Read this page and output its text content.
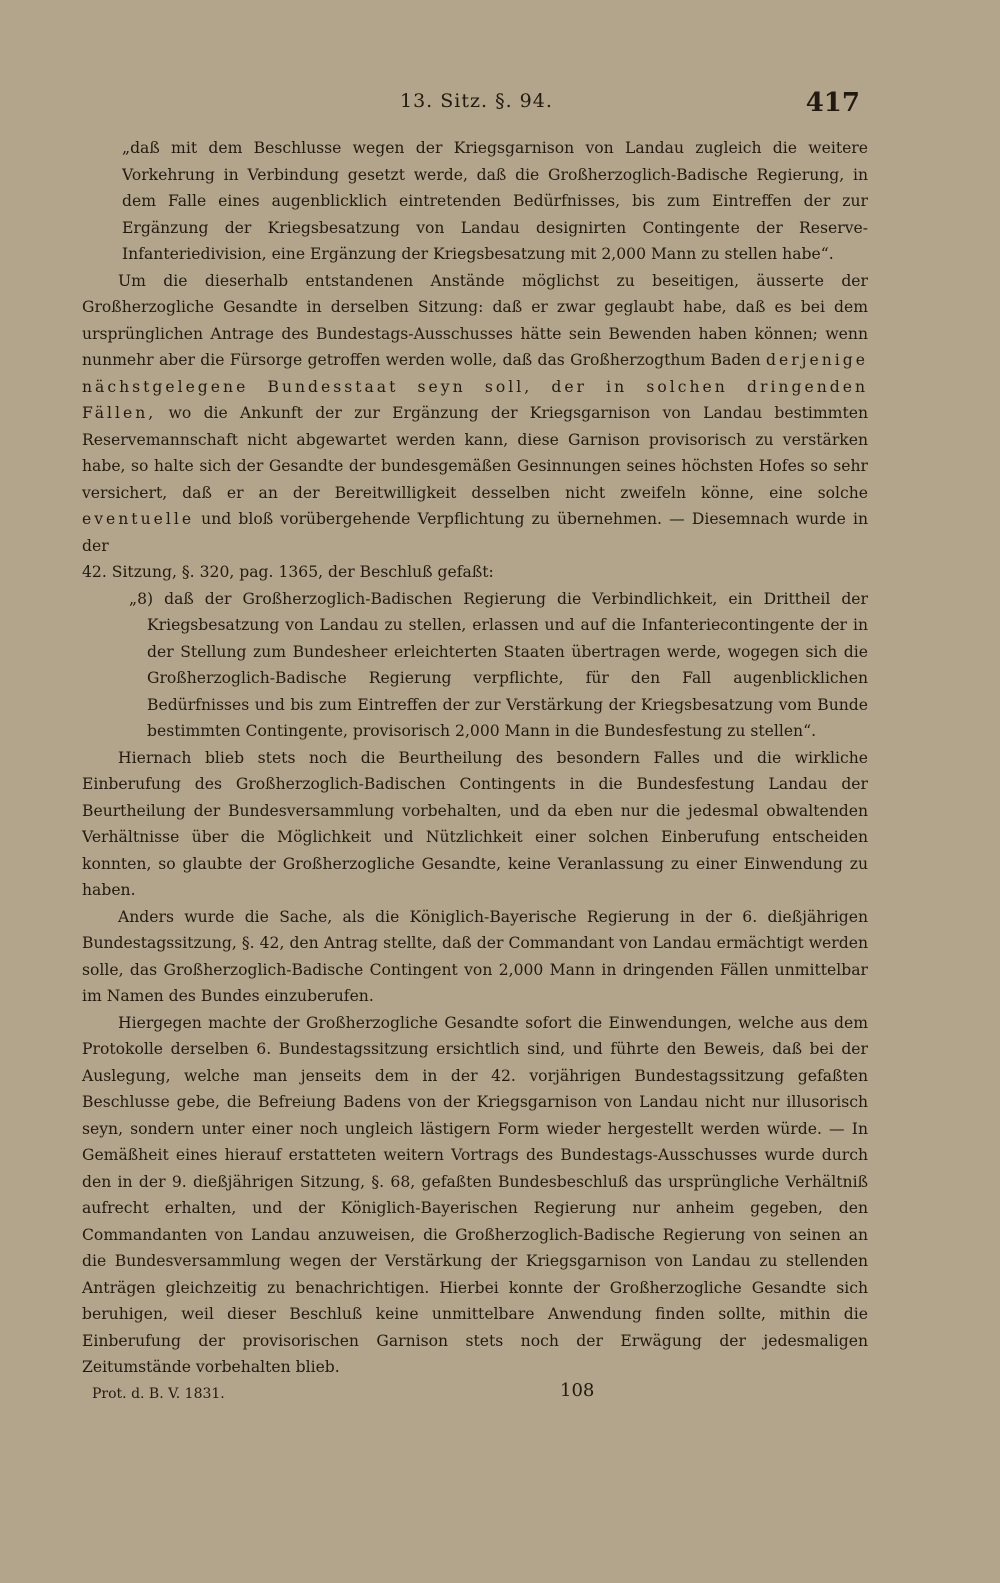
13. Sitz. §. 94.	417

„daß mit dem Beschlusse wegen der Kriegsgarnison von Landau zugleich die weitere Vorkehrung in Verbindung gesetzt werde, daß die Großherzoglich-Badische Regierung, in dem Falle eines augenblicklich eintretenden Bedürfnisses, bis zum Eintreffen der zur Ergänzung der Kriegsbesatzung von Landau designirten Contingente der Reserve-Infanteriedivision, eine Ergänzung der Kriegsbesatzung mit 2,000 Mann zu stellen habe“.

Um die dieserhalb entstandenen Anstände möglichst zu beseitigen, äusserte der Großherzogliche Gesandte in derselben Sitzung: daß er zwar geglaubt habe, daß es bei dem ursprünglichen Antrage des Bundestags-Ausschusses hätte sein Bewenden haben können; wenn nunmehr aber die Fürsorge getroffen werden wolle, daß das Großherzogthum Baden derjenige nächstgelegene Bundesstaat seyn soll, der in solchen dringenden Fällen, wo die Ankunft der zur Ergänzung der Kriegsgarnison von Landau bestimmten Reservemannschaft nicht abgewartet werden kann, diese Garnison provisorisch zu verstärken habe, so halte sich der Gesandte der bundesgemäßen Gesinnungen seines höchsten Hofes so sehr versichert, daß er an der Bereitwilligkeit desselben nicht zweifeln könne, eine solche eventuelle und bloß vorübergehende Verpflichtung zu übernehmen. — Diesemnach wurde in der

42. Sitzung, §. 320, pag. 1365, der Beschluß gefaßt:

„8) daß der Großherzoglich-Badischen Regierung die Verbindlichkeit, ein Drittheil der Kriegsbesatzung von Landau zu stellen, erlassen und auf die Infanteriecontingente der in der Stellung zum Bundesheer erleichterten Staaten übertragen werde, wogegen sich die Großherzoglich-Badische Regierung verpflichte, für den Fall augenblicklichen Bedürfnisses und bis zum Eintreffen der zur Verstärkung der Kriegsbesatzung vom Bunde bestimmten Contingente, provisorisch 2,000 Mann in die Bundesfestung zu stellen“.

Hiernach blieb stets noch die Beurtheilung des besondern Falles und die wirkliche Einberufung des Großherzoglich-Badischen Contingents in die Bundesfestung Landau der Beurtheilung der Bundesversammlung vorbehalten, und da eben nur die jedesmal obwaltenden Verhältnisse über die Möglichkeit und Nützlichkeit einer solchen Einberufung entscheiden konnten, so glaubte der Großherzogliche Gesandte, keine Veranlassung zu einer Einwendung zu haben.

Anders wurde die Sache, als die Königlich-Bayerische Regierung in der 6. dießjährigen Bundestagssitzung, §. 42, den Antrag stellte, daß der Commandant von Landau ermächtigt werden solle, das Großherzoglich-Badische Contingent von 2,000 Mann in dringenden Fällen unmittelbar im Namen des Bundes einzuberufen.

Hiergegen machte der Großherzogliche Gesandte sofort die Einwendungen, welche aus dem Protokolle derselben 6. Bundestagssitzung ersichtlich sind, und führte den Beweis, daß bei der Auslegung, welche man jenseits dem in der 42. vorjährigen Bundestagssitzung gefaßten Beschlusse gebe, die Befreiung Badens von der Kriegsgarnison von Landau nicht nur illusorisch seyn, sondern unter einer noch ungleich lästigern Form wieder hergestellt werden würde. — In Gemäßheit eines hierauf erstatteten weitern Vortrags des Bundestags-Ausschusses wurde durch den in der 9. dießjährigen Sitzung, §. 68, gefaßten Bundesbeschluß das ursprüngliche Verhältniß aufrecht erhalten, und der Königlich-Bayerischen Regierung nur anheim gegeben, den Commandanten von Landau anzuweisen, die Großherzoglich-Badische Regierung von seinen an die Bundesversammlung wegen der Verstärkung der Kriegsgarnison von Landau zu stellenden Anträgen gleichzeitig zu benachrichtigen. Hierbei konnte der Großherzogliche Gesandte sich beruhigen, weil dieser Beschluß keine unmittelbare Anwendung finden sollte, mithin die Einberufung der provisorischen Garnison stets noch der Erwägung der jedesmaligen Zeitumstände vorbehalten blieb.

Prot. d. B. V. 1831.	108
